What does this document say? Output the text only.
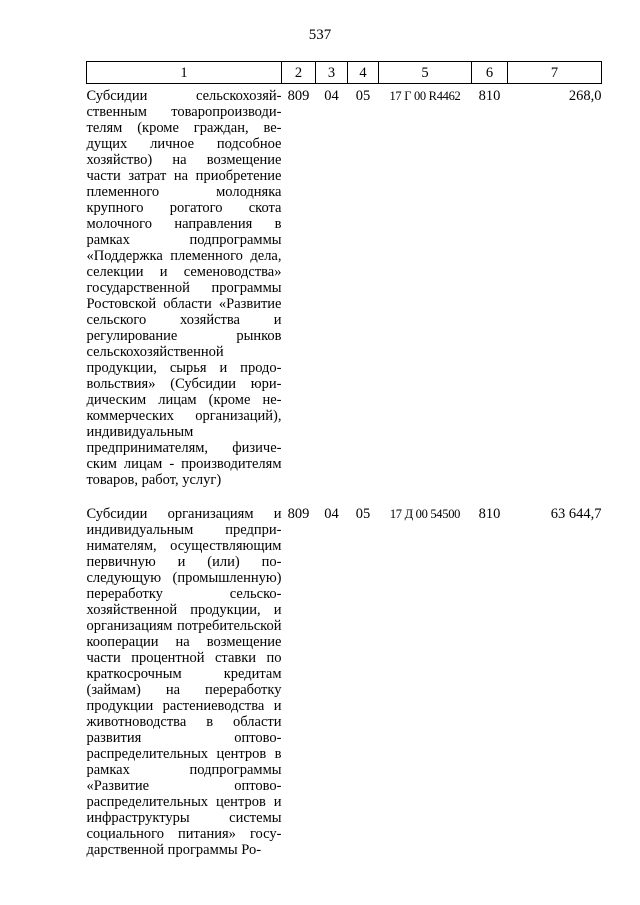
537
1	2	3	4	5	6	7
Субсидии сельскохозяйственным товаропроизводителям (кроме граждан, ведущих личное подсобное хозяйство) на возмещение части затрат на приобретение племенного молодняка крупного рогатого скота молочного направления в рамках подпрограммы «Поддержка племенного дела, селекции и семеноводства» государственной программы Ростовской области «Развитие сельского хозяйства и регулирование рынков сельскохозяйственной продукции, сырья и продовольствия» (Субсидии юридическим лицам (кроме некоммерческих организаций), индивидуальным предпринимателям, физическим лицам - производителям товаров, работ, услуг)	809	04	05	17 Г 00 R4462	810	268,0
Субсидии организациям и индивидуальным предпринимателям, осуществляющим первичную и (или) последующую (промышленную) переработку сельскохозяйственной продукции, и организациям потребительской кооперации на возмещение части процентной ставки по краткосрочным кредитам (займам) на переработку продукции растениеводства и животноводства в области развития оптово-распределительных центров в рамках подпрограммы «Развитие оптово-распределительных центров и инфраструктуры системы социального питания» государственной программы Ро-	809	04	05	17 Д 00 54500	810	63 644,7
